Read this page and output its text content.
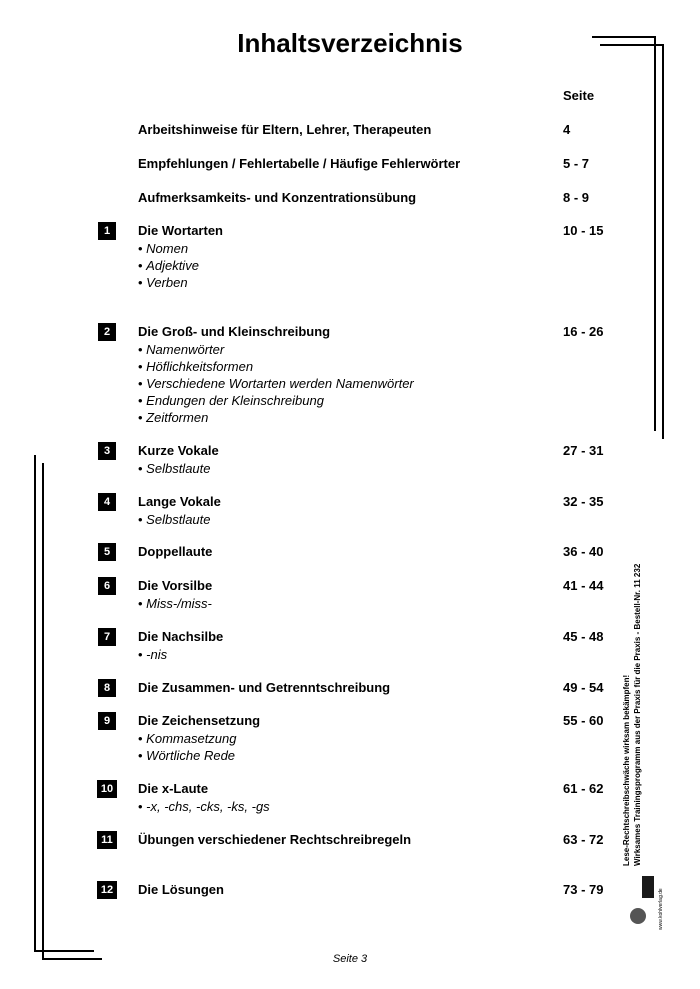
Inhaltsverzeichnis
Seite
Arbeitshinweise für Eltern, Lehrer, Therapeuten	4
Empfehlungen / Fehlertabelle / Häufige Fehlerwörter	5 - 7
Aufmerksamkeits- und Konzentrationsübung	8 - 9
1	Die Wortarten	10 - 15
• Nomen
• Adjektive
• Verben
2	Die Groß- und Kleinschreibung	16 - 26
• Namenwörter
• Höflichkeitsformen
• Verschiedene Wortarten werden Namenwörter
• Endungen der Kleinschreibung
• Zeitformen
3	Kurze Vokale	27 - 31
• Selbstlaute
4	Lange Vokale	32 - 35
• Selbstlaute
5	Doppellaute	36 - 40
6	Die Vorsilbe	41 - 44
• Miss-/miss-
7	Die Nachsilbe	45 - 48
• -nis
8	Die Zusammen- und Getrenntschreibung	49 - 54
9	Die Zeichensetzung	55 - 60
• Kommasetzung
• Wörtliche Rede
10 Die x-Laute	61 - 62
• -x, -chs, -cks, -ks, -gs
11	Übungen verschiedener Rechtschreibregeln	63 - 72
12 Die Lösungen	73 - 79
Seite 3
Lese-Rechtschreibschwäche wirksam bekämpfen! Wirksames Trainingsprogramm aus der Praxis für die Praxis - Bestell-Nr. 11 232
www.kohlverlag.de
